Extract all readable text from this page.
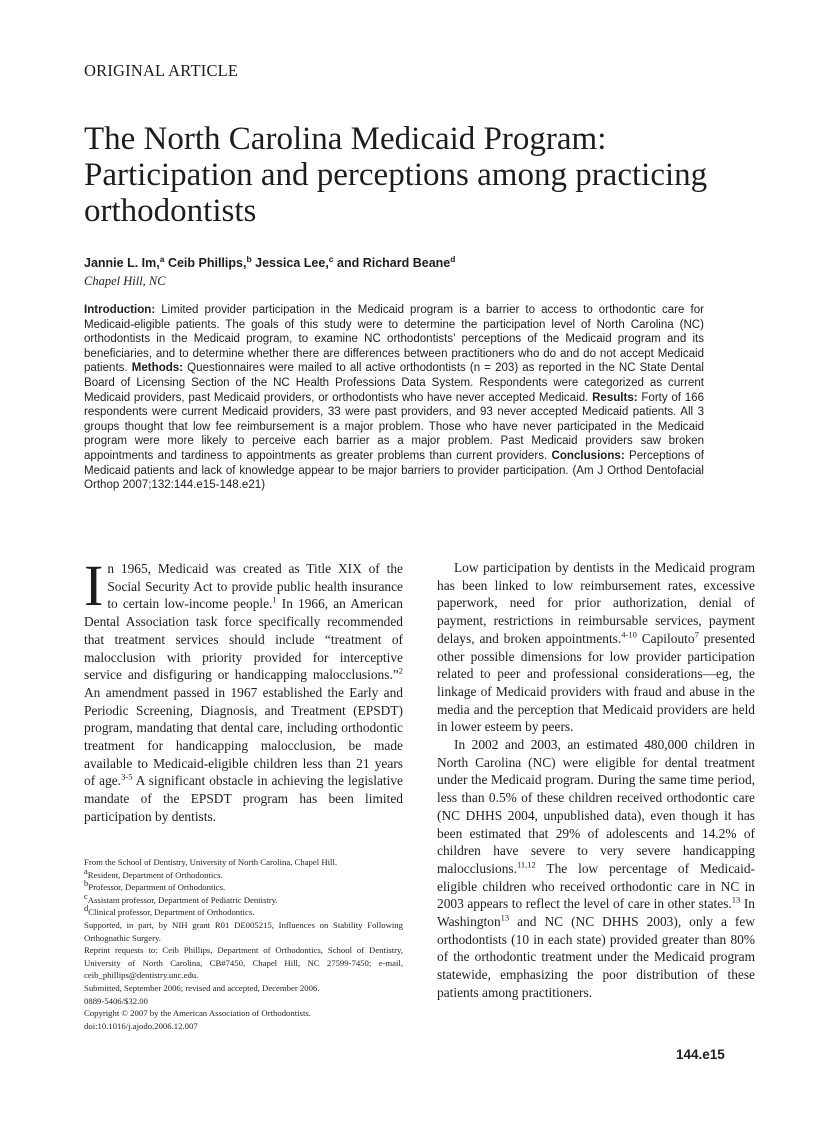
ORIGINAL ARTICLE
The North Carolina Medicaid Program: Participation and perceptions among practicing orthodontists
Jannie L. Im,$^a$ Ceib Phillips,$^b$ Jessica Lee,$^c$ and Richard Beane$^d$
Chapel Hill, NC

Introduction: Limited provider participation in the Medicaid program is a barrier to access to orthodontic care for Medicaid-eligible patients. The goals of this study were to determine the participation level of North Carolina (NC) orthodontists in the Medicaid program, to examine NC orthodontists’ perceptions of the Medicaid program and its beneficiaries, and to determine whether there are differences between practitioners who do and do not accept Medicaid patients. Methods: Questionnaires were mailed to all active orthodontists (n = 203) as reported in the NC State Dental Board of Licensing Section of the NC Health Professions Data System. Respondents were categorized as current Medicaid providers, past Medicaid providers, or orthodontists who have never accepted Medicaid. Results: Forty of 166 respondents were current Medicaid providers, 33 were past providers, and 93 never accepted Medicaid patients. All 3 groups thought that low fee reimbursement is a major problem. Those who have never participated in the Medicaid program were more likely to perceive each barrier as a major problem. Past Medicaid providers saw broken appointments and tardiness to appointments as greater problems than current providers. Conclusions: Perceptions of Medicaid patients and lack of knowledge appear to be major barriers to provider participation. (Am J Orthod Dentofacial Orthop 2007;132:144.e15-148.e21)

In 1965, Medicaid was created as Title XIX of the Social Security Act to provide public health insurance to certain low-income people.$^1$ In 1966, an American Dental Association task force specifically recommended that treatment services should include “treatment of malocclusion with priority provided for interceptive service and disfiguring or handicapping malocclusions.”$^2$ An amendment passed in 1967 established the Early and Periodic Screening, Diagnosis, and Treatment (EPSDT) program, mandating that dental care, including orthodontic treatment for handicapping malocclusion, be made available to Medicaid-eligible children less than 21 years of age.$^{3-5}$ A significant obstacle in achieving the legislative mandate of the EPSDT program has been limited participation by dentists.

From the School of Dentistry, University of North Carolina, Chapel Hill.
$^a$Resident, Department of Orthodontics.
$^b$Professor, Department of Orthodontics.
$^c$Assistant professor, Department of Pediatric Dentistry.
$^d$Clinical professor, Department of Orthodontics.
Supported, in part, by NIH grant R01 DE005215, Influences on Stability Following Orthognathic Surgery.
Reprint requests to: Ceib Phillips, Department of Orthodontics, School of Dentistry, University of North Carolina, CB#7450, Chapel Hill, NC 27599-7450; e-mail, ceib_phillips@dentistry.unc.edu.
Submitted, September 2006; revised and accepted, December 2006.
0889-5406/$32.00
Copyright © 2007 by the American Association of Orthodontists.
doi:10.1016/j.ajodo.2006.12.007

Low participation by dentists in the Medicaid program has been linked to low reimbursement rates, excessive paperwork, need for prior authorization, denial of payment, restrictions in reimbursable services, payment delays, and broken appointments.$^{4-10}$ Capilouto$^7$ presented other possible dimensions for low provider participation related to peer and professional considerations—eg, the linkage of Medicaid providers with fraud and abuse in the media and the perception that Medicaid providers are held in lower esteem by peers.

In 2002 and 2003, an estimated 480,000 children in North Carolina (NC) were eligible for dental treatment under the Medicaid program. During the same time period, less than 0.5% of these children received orthodontic care (NC DHHS 2004, unpublished data), even though it has been estimated that 29% of adolescents and 14.2% of children have severe to very severe handicapping malocclusions.$^{11,12}$ The low percentage of Medicaid-eligible children who received orthodontic care in NC in 2003 appears to reflect the level of care in other states.$^{13}$ In Washington$^{13}$ and NC (NC DHHS 2003), only a few orthodontists (10 in each state) provided greater than 80% of the orthodontic treatment under the Medicaid program statewide, emphasizing the poor distribution of these patients among practitioners.

144.e15
